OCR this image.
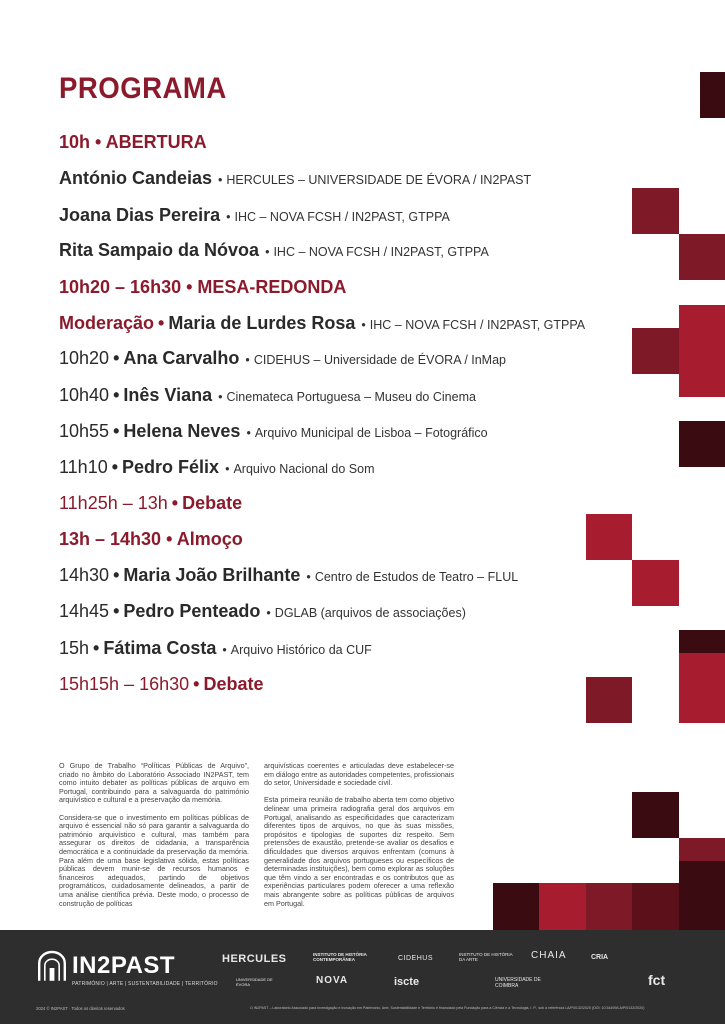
PROGRAMA
10h • ABERTURA
António Candeias • HERCULES – UNIVERSIDADE DE ÉVORA / IN2PAST
Joana Dias Pereira • IHC – NOVA FCSH / IN2PAST, GTPPA
Rita Sampaio da Nóvoa • IHC – NOVA FCSH / IN2PAST, GTPPA
10h20 – 16h30 • MESA-REDONDA
Moderação • Maria de Lurdes Rosa • IHC – NOVA FCSH / IN2PAST, GTPPA
10h20 • Ana Carvalho • CIDEHUS – Universidade de ÉVORA / InMap
10h40 • Inês Viana • Cinemateca Portuguesa – Museu do Cinema
10h55 • Helena Neves • Arquivo Municipal de Lisboa – Fotográfico
11h10 • Pedro Félix • Arquivo Nacional do Som
11h25h – 13h • Debate
13h – 14h30 • Almoço
14h30 • Maria João Brilhante • Centro de Estudos de Teatro – FLUL
14h45 • Pedro Penteado • DGLAB (arquivos de associações)
15h • Fátima Costa • Arquivo Histórico da CUF
15h15h – 16h30 • Debate

O Grupo de Trabalho “Políticas Públicas de Arquivo”, criado no âmbito do Laboratório Associado IN2PAST, tem como intuito debater as políticas públicas de arquivo em Portugal, contribuindo para a salvaguarda do património arquivístico e cultural e a preservação da memória.

Considera-se que o investimento em políticas públicas de arquivo é essencial não só para garantir a salvaguarda do património arquivístico e cultural, mas também para assegurar os direitos de cidadania, a transparência democrática e a continuidade da preservação da memória. Para além de uma base legislativa sólida, estas políticas públicas devem munir-se de recursos humanos e financeiros adequados, partindo de objetivos programáticos, cuidadosamente delineados, a partir de uma análise científica prévia. Deste modo, o processo de construção de políticas

arquivísticas coerentes e articuladas deve estabelecer-se em diálogo entre as autoridades competentes, profissionais do setor, Universidade e sociedade civil.

Esta primeira reunião de trabalho aberta tem como objetivo delinear uma primeira radiografia geral dos arquivos em Portugal, analisando as especificidades que caracterizam diferentes tipos de arquivos, no que às suas missões, propósitos e tipologias de suportes diz respeito. Sem pretensões de exaustão, pretende-se avaliar os desafios e dificuldades que diversos arquivos enfrentam (comuns à generalidade dos arquivos portugueses ou específicos de determinadas instituições), bem como explorar as soluções que têm vindo a ser encontradas e os contributos que as experiências particulares podem oferecer a uma reflexão mais abrangente sobre as políticas públicas de arquivos em Portugal.

IN2PAST
PATRIMÓNIO | ARTE | SUSTENTABILIDADE | TERRITÓRIO
HERCULES	INSTITUTO DE HISTÓRIA CONTEMPORÂNEA	CIDEHUS
INSTITUTO DE HISTÓRIA DA ARTE	CHAIA	CRIA
UNIVERSIDADE DE ÉVORA	NOVA	iscte	UNIVERSIDADE DE COIMBRA	fct
2024 © IN2PAST · Todos os direitos reservados	O IN2PAST – Laboratório Associado para Investigação e Inovação em Património, Arte, Sustentabilidade e Território é financiado pela Fundação para a Ciência e a Tecnologia, I. P., sob a referência LA/P/0132/2020 (DOI: 10.54499/LA/P/0132/2020)
